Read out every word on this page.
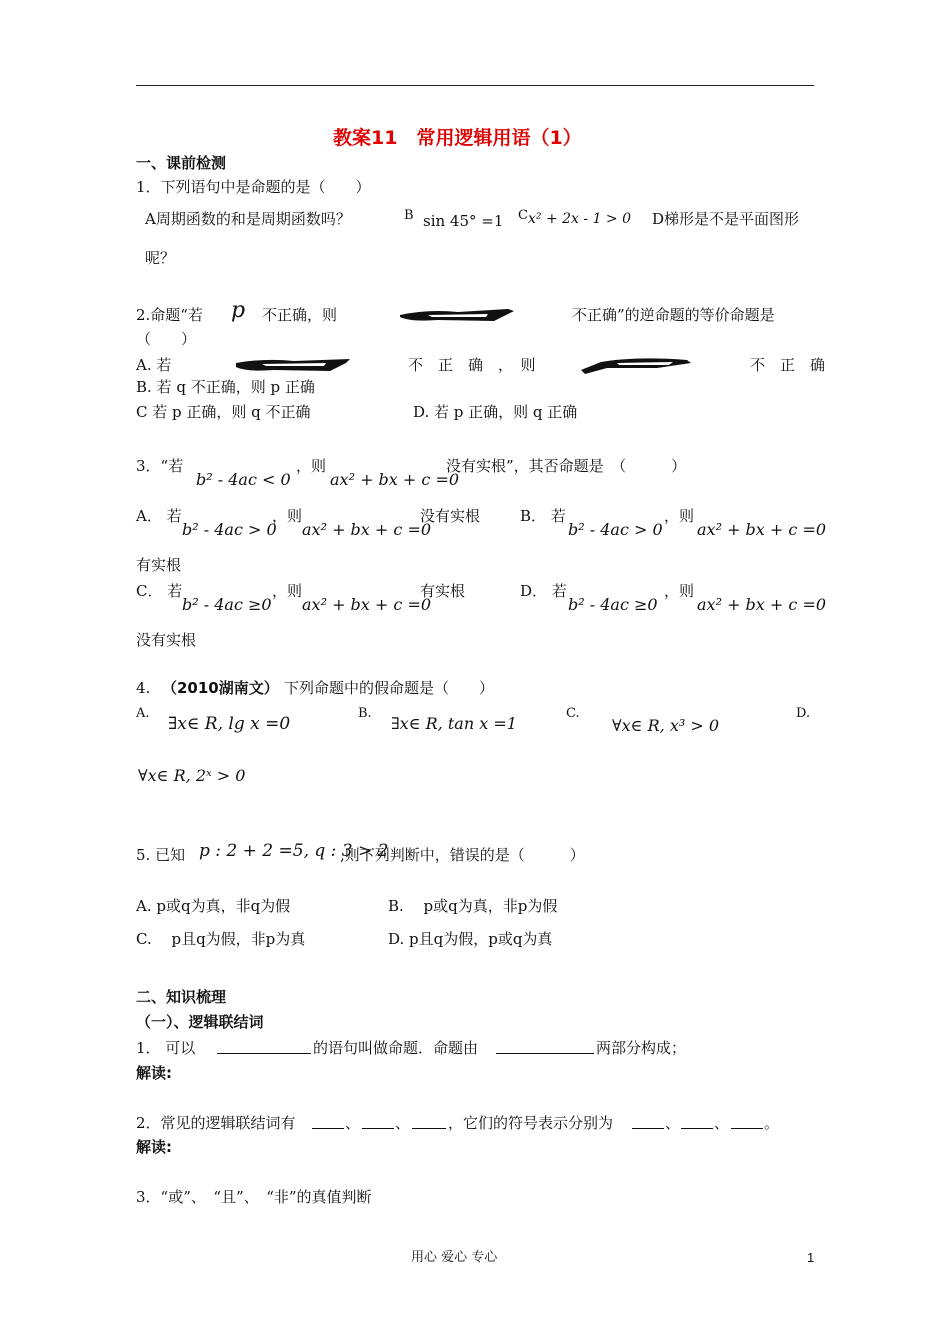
教案11　常用逻辑用语（1）
一、课前检测
1．下列语句中是命题的是（　　）
A周期函数的和是周期函数吗？	B sin 45° =1 C x² + 2x - 1 > 0 D梯形是不是平面图形
呢？
2.命题“若 p 不正确，则	不正确”的逆命题的等价命题是
（　　）
A. 若	不　正　确　，　则	不　正　确
B. 若 q 不正确，则 p 正确
C 若 p 正确，则 q 不正确	D. 若 p 正确，则 q 正确
3．“若
b² - 4ac < 0
，则
ax² + bx + c =0
没有实根”，其否命题是　（　　　）
A． 若
b² - 4ac > 0
，则
ax² + bx + c =0
没有实根	B． 若
b² - 4ac > 0
，则
ax² + bx + c =0
有实根
C． 若
b² - 4ac ≥0
，则
ax² + bx + c =0
有实根	D． 若
b² - 4ac ≥0
，则
ax² + bx + c =0
没有实根
4. （2010湖南文） 下列命题中的假命题是（　　）
A.
∃x∈ R, lg x =0
B.
∃x∈ R, tan x =1
C.
∀x∈ R, x³ > 0
D.
∀x∈ R, 2ˣ > 0
5. 已知 p : 2 + 2 =5, q : 3 > 2
,则下列判断中，错误的是（　　　）
A. p或q为真，非q为假	B.　 p或q为真，非p为假
C.　 p且q为假，非p为真	D. p且q为假，p或q为真
二、知识梳理
（一）、逻辑联结词
1． 可以	的语句叫做命题．命题由	两部分构成；
解读:
2．常见的逻辑联结词有	、 、	，它们的符号表示分别为	、 、 。
解读:
3．“或”、　“且”、　“非”的真值判断
用心 爱心 专心	1
